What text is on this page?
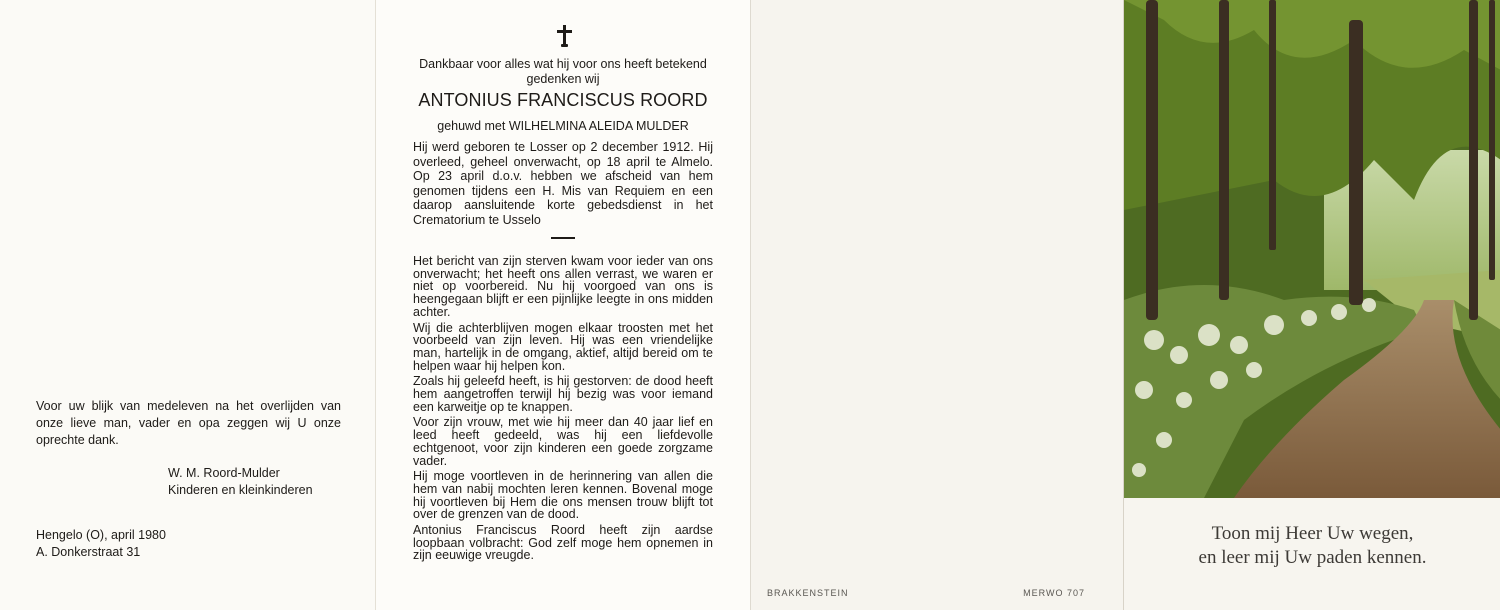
Voor uw blijk van medeleven na het overlijden van onze lieve man, vader en opa zeggen wij U onze oprechte dank.
W. M. Roord-Mulder
Kinderen en kleinkinderen
Hengelo (O), april 1980
A. Donkerstraat 31
Dankbaar voor alles wat hij voor ons heeft betekend gedenken wij
ANTONIUS FRANCISCUS ROORD
gehuwd met WILHELMINA ALEIDA MULDER
Hij werd geboren te Losser op 2 december 1912. Hij overleed, geheel onverwacht, op 18 april te Almelo. Op 23 april d.o.v. hebben we afscheid van hem genomen tijdens een H. Mis van Requiem en een daarop aansluitende korte gebedsdienst in het Crematorium te Usselo

Het bericht van zijn sterven kwam voor ieder van ons onverwacht; het heeft ons allen verrast, we waren er niet op voorbereid. Nu hij voorgoed van ons is heengegaan blijft er een pijnlijke leegte in ons midden achter.

Wij die achterblijven mogen elkaar troosten met het voorbeeld van zijn leven. Hij was een vriendelijke man, hartelijk in de omgang, aktief, altijd bereid om te helpen waar hij helpen kon.

Zoals hij geleefd heeft, is hij gestorven: de dood heeft hem aangetroffen terwijl hij bezig was voor iemand een karweitje op te knappen.

Voor zijn vrouw, met wie hij meer dan 40 jaar lief en leed heeft gedeeld, was hij een liefdevolle echtgenoot, voor zijn kinderen een goede zorgzame vader.

Hij moge voortleven in de herinnering van allen die hem van nabij mochten leren kennen. Bovenal moge hij voortleven bij Hem die ons mensen trouw blijft tot over de grenzen van de dood.

Antonius Franciscus Roord heeft zijn aardse loopbaan volbracht: God zelf moge hem opnemen in zijn eeuwige vreugde.

BRAKKENSTEIN	MERWO 707
Toon mij Heer Uw wegen,
en leer mij Uw paden kennen.
